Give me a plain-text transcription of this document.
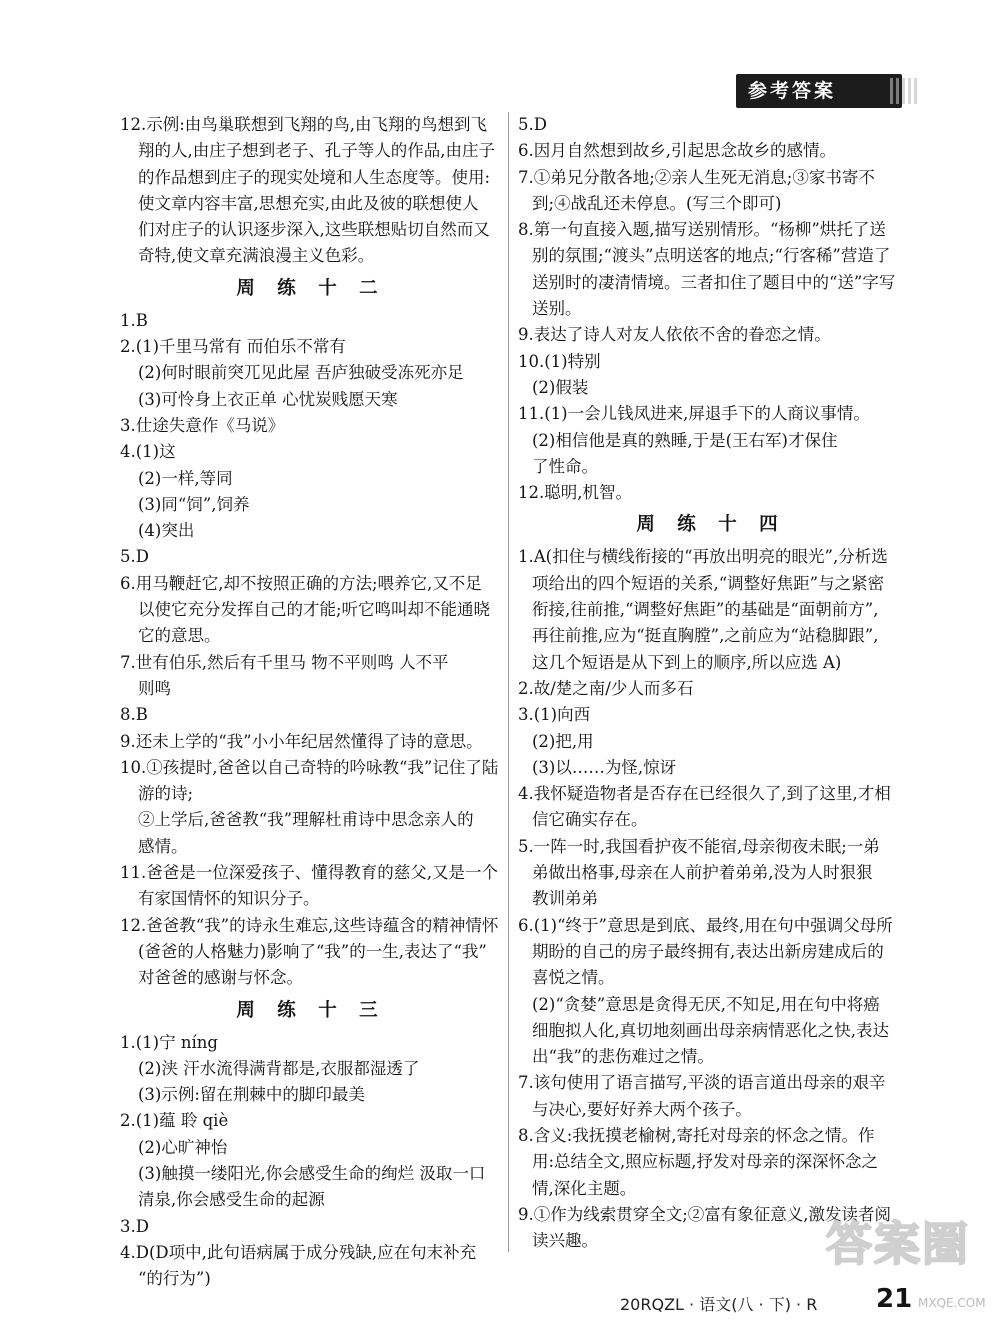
参考答案
12.示例:由鸟巢联想到飞翔的鸟,由飞翔的鸟想到飞
翔的人,由庄子想到老子、孔子等人的作品,由庄子
的作品想到庄子的现实处境和人生态度等。使用:
使文章内容丰富,思想充实,由此及彼的联想使人
们对庄子的认识逐步深入,这些联想贴切自然而又
奇特,使文章充满浪漫主义色彩。
周 练 十 二
1.B
2.(1)千里马常有 而伯乐不常有
(2)何时眼前突兀见此屋 吾庐独破受冻死亦足
(3)可怜身上衣正单 心忧炭贱愿天寒
3.仕途失意作《马说》
4.(1)这
(2)一样,等同
(3)同“饲”,饲养
(4)突出
5.D
6.用马鞭赶它,却不按照正确的方法;喂养它,又不足
以使它充分发挥自己的才能;听它鸣叫却不能通晓
它的意思。
7.世有伯乐,然后有千里马 物不平则鸣 人不平
则鸣
8.B
9.还未上学的“我”小小年纪居然懂得了诗的意思。
10.①孩提时,爸爸以自己奇特的吟咏教“我”记住了陆
游的诗;
②上学后,爸爸教“我”理解杜甫诗中思念亲人的
感情。
11.爸爸是一位深爱孩子、懂得教育的慈父,又是一个
有家国情怀的知识分子。
12.爸爸教“我”的诗永生难忘,这些诗蕴含的精神情怀
(爸爸的人格魅力)影响了“我”的一生,表达了“我”
对爸爸的感谢与怀念。
周 练 十 三
1.(1)宁 níng
(2)浃 汗水流得满背都是,衣服都湿透了
(3)示例:留在荆棘中的脚印最美
2.(1)蕴 聆 qiè
(2)心旷神怡
(3)触摸一缕阳光,你会感受生命的绚烂 汲取一口
清泉,你会感受生命的起源
3.D
4.D(D项中,此句语病属于成分残缺,应在句末补充
“的行为”)
5.D
6.因月自然想到故乡,引起思念故乡的感情。
7.①弟兄分散各地;②亲人生死无消息;③家书寄不
到;④战乱还未停息。(写三个即可)
8.第一句直接入题,描写送别情形。“杨柳”烘托了送
别的氛围;“渡头”点明送客的地点;“行客稀”营造了
送别时的凄清情境。三者扣住了题目中的“送”字写
送别。
9.表达了诗人对友人依依不舍的眷恋之情。
10.(1)特别
(2)假装
11.(1)一会儿钱凤进来,屏退手下的人商议事情。
(2)相信他是真的熟睡,于是(王右军)才保住
了性命。
12.聪明,机智。
周 练 十 四
1.A(扣住与横线衔接的“再放出明亮的眼光”,分析选
项给出的四个短语的关系,“调整好焦距”与之紧密
衔接,往前推,“调整好焦距”的基础是“面朝前方”,
再往前推,应为“挺直胸膛”,之前应为“站稳脚跟”,
这几个短语是从下到上的顺序,所以应选 A)
2.故/楚之南/少人而多石
3.(1)向西
(2)把,用
(3)以……为怪,惊讶
4.我怀疑造物者是否存在已经很久了,到了这里,才相
信它确实存在。
5.一阵一时,我国看护夜不能宿,母亲彻夜未眠;一弟
弟做出格事,母亲在人前护着弟弟,没为人时狠狠
教训弟弟
6.(1)“终于”意思是到底、最终,用在句中强调父母所
期盼的自己的房子最终拥有,表达出新房建成后的
喜悦之情。
(2)“贪婪”意思是贪得无厌,不知足,用在句中将癌
细胞拟人化,真切地刻画出母亲病情恶化之快,表达
出“我”的悲伤难过之情。
7.该句使用了语言描写,平淡的语言道出母亲的艰辛
与决心,要好好养大两个孩子。
8.含义:我抚摸老榆树,寄托对母亲的怀念之情。作
用:总结全文,照应标题,抒发对母亲的深深怀念之
情,深化主题。
9.①作为线索贯穿全文;②富有象征意义,激发读者阅
读兴趣。	答案圈
MXQE.COM
20RQZL · 语文(八 · 下) · R 21
